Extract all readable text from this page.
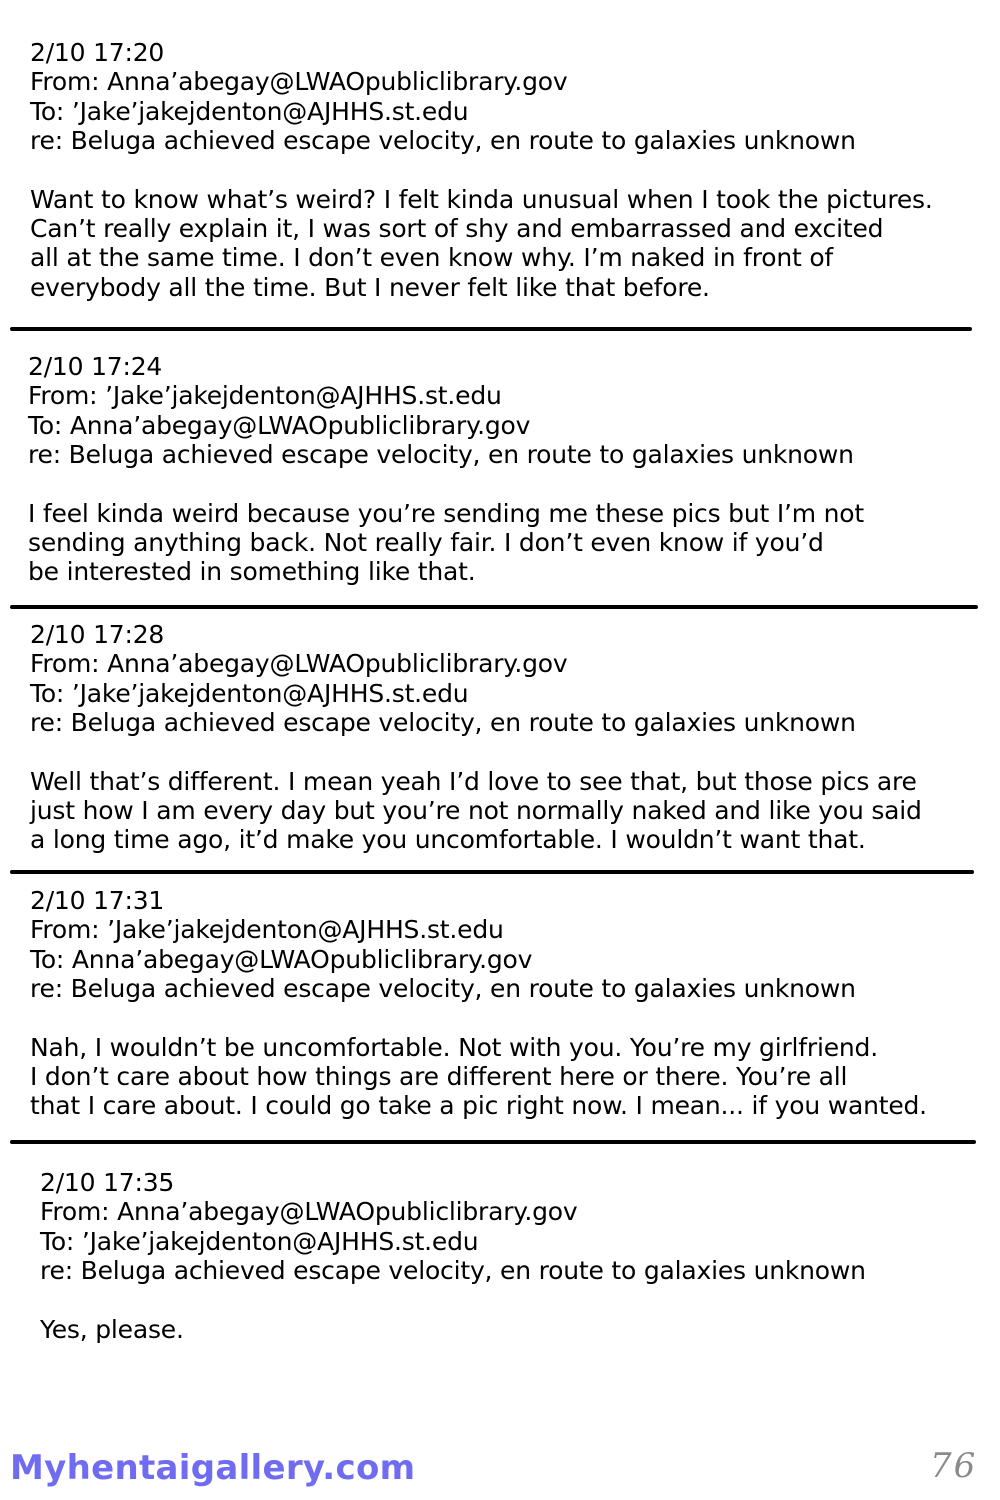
2/10 17:20
From: Anna’abegay@LWAOpubliclibrary.gov
To: ’Jake’jakejdenton@AJHHS.st.edu
re: Beluga achieved escape velocity, en route to galaxies unknown

Want to know what’s weird? I felt kinda unusual when I took the pictures.

Can’t really explain it, I was sort of shy and embarrassed and excited

all at the same time. I don’t even know why. I’m naked in front of

everybody all the time. But I never felt like that before.

2/10 17:24
From: ’Jake’jakejdenton@AJHHS.st.edu
To: Anna’abegay@LWAOpubliclibrary.gov
re: Beluga achieved escape velocity, en route to galaxies unknown

I feel kinda weird because you’re sending me these pics but I’m not

sending anything back. Not really fair. I don’t even know if you’d

be interested in something like that.

2/10 17:28
From: Anna’abegay@LWAOpubliclibrary.gov
To: ’Jake’jakejdenton@AJHHS.st.edu
re: Beluga achieved escape velocity, en route to galaxies unknown

Well that’s different. I mean yeah I’d love to see that, but those pics are

just how I am every day but you’re not normally naked and like you said

a long time ago, it’d make you uncomfortable. I wouldn’t want that.

2/10 17:31
From: ’Jake’jakejdenton@AJHHS.st.edu
To: Anna’abegay@LWAOpubliclibrary.gov
re: Beluga achieved escape velocity, en route to galaxies unknown

Nah, I wouldn’t be uncomfortable. Not with you. You’re my girlfriend.

I don’t care about how things are different here or there. You’re all

that I care about. I could go take a pic right now. I mean... if you wanted.

2/10 17:35
From: Anna’abegay@LWAOpubliclibrary.gov
To: ’Jake’jakejdenton@AJHHS.st.edu
re: Beluga achieved escape velocity, en route to galaxies unknown

Yes, please.

Myhentaigallery.com	76
